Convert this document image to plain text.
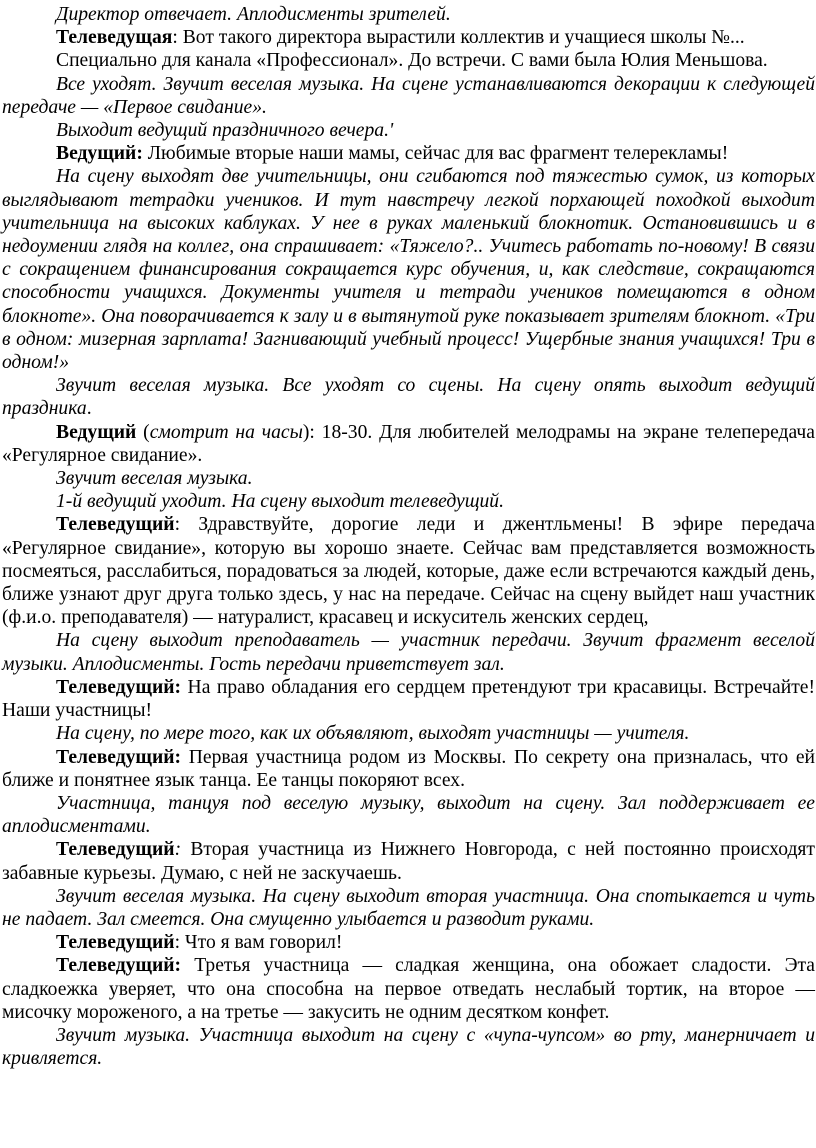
Директор отвечает. Аплодисменты зрителей.

Телеведущая: Вот такого директора вырастили коллектив и учащиеся школы №...

Специально для канала «Профессионал». До встречи. С вами была Юлия Меньшова.

Все уходят. Звучит веселая музыка. На сцене устанавливаются декорации к следующей передаче — «Первое свидание».

Выходит ведущий праздничного вечера.'

Ведущий: Любимые вторые наши мамы, сейчас для вас фрагмент телерекламы!

На сцену выходят две учительницы, они сгибаются под тяжестью сумок, из которых выглядывают тетрадки учеников. И тут навстречу легкой порхающей походкой выходит учительница на высоких каблуках. У нее в руках маленький блокнотик. Остановившись и в недоумении глядя на коллег, она спрашивает: «Тяжело?.. Учитесь работать по-новому! В связи с сокращением финансирования сокращается курс обучения, и, как следствие, сокращаются способности учащихся. Документы учителя и тетради учеников помещаются в одном блокноте». Она поворачивается к залу и в вытянутой руке показывает зрителям блокнот. «Три в одном: мизерная зарплата! Загнивающий учебный процесс! Ущербные знания учащихся! Три в одном!»

Звучит веселая музыка. Все уходят со сцены. На сцену опять выходит ведущий праздника.

Ведущий (смотрит на часы): 18-30. Для любителей мелодрамы на экране телепередача «Регулярное свидание».

Звучит веселая музыка.

1-й ведущий уходит. На сцену выходит телеведущий.

Телеведущий: Здравствуйте, дорогие леди и джентльмены! В эфире передача «Регулярное свидание», которую вы хорошо знаете. Сейчас вам представляется возможность посмеяться, расслабиться, порадоваться за людей, которые, даже если встречаются каждый день, ближе узнают друг друга только здесь, у нас на передаче. Сейчас на сцену выйдет наш участник (ф.и.о. преподавателя) — натуралист, красавец и искуситель женских сердец,

На сцену выходит преподаватель — участник передачи. Звучит фрагмент веселой музыки. Аплодисменты. Гость передачи приветствует зал.

Телеведущий: На право обладания его сердцем претендуют три красавицы. Встречайте! Наши участницы!

На сцену, по мере того, как их объявляют, выходят участницы — учителя.

Телеведущий: Первая участница родом из Москвы. По секрету она призналась, что ей ближе и понятнее язык танца. Ее танцы покоряют всех.

Участница, танцуя под веселую музыку, выходит на сцену. Зал поддерживает ее аплодисментами.

Телеведущий: Вторая участница из Нижнего Новгорода, с ней постоянно происходят забавные курьезы. Думаю, с ней не заскучаешь.

Звучит веселая музыка. На сцену выходит вторая участница. Она спотыкается и чуть не падает. Зал смеется. Она смущенно улыбается и разводит руками.

Телеведущий: Что я вам говорил!

Телеведущий: Третья участница — сладкая женщина, она обожает сладости. Эта сладкоежка уверяет, что она способна на первое отведать неслабый тортик, на второе — мисочку мороженого, а на третье — закусить не одним десятком конфет.

Звучит музыка. Участница выходит на сцену с «чупа-чупсом» во рту, манерничает и кривляется.
